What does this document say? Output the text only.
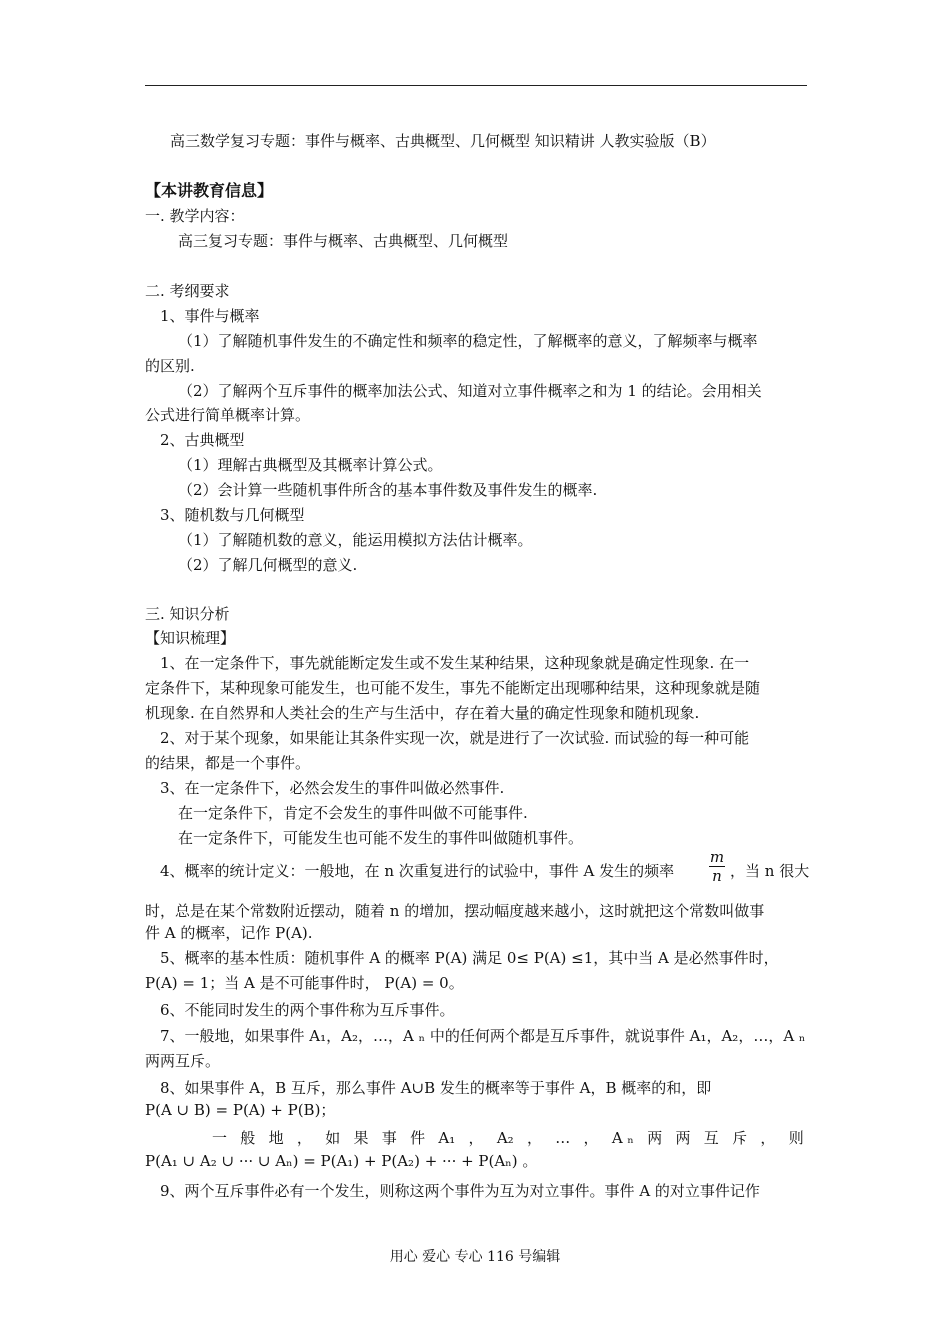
高三数学复习专题：事件与概率、古典概型、几何概型 知识精讲 人教实验版（B）
【本讲教育信息】
一. 教学内容：
高三复习专题：事件与概率、古典概型、几何概型
二. 考纲要求
1、事件与概率
（1）了解随机事件发生的不确定性和频率的稳定性，了解概率的意义，了解频率与概率
的区别.
（2）了解两个互斥事件的概率加法公式、知道对立事件概率之和为 1 的结论。会用相关
公式进行简单概率计算。
2、古典概型
（1）理解古典概型及其概率计算公式。
（2）会计算一些随机事件所含的基本事件数及事件发生的概率.
3、随机数与几何概型
（1）了解随机数的意义，能运用模拟方法估计概率。
（2）了解几何概型的意义.
三. 知识分析
【知识梳理】
1、在一定条件下，事先就能断定发生或不发生某种结果，这种现象就是确定性现象. 在一
定条件下，某种现象可能发生，也可能不发生，事先不能断定出现哪种结果，这种现象就是随
机现象. 在自然界和人类社会的生产与生活中，存在着大量的确定性现象和随机现象.
2、对于某个现象，如果能让其条件实现一次，就是进行了一次试验. 而试验的每一种可能
的结果，都是一个事件。
3、在一定条件下，必然会发生的事件叫做必然事件.
在一定条件下，肯定不会发生的事件叫做不可能事件.
在一定条件下，可能发生也可能不发生的事件叫做随机事件。
4、概率的统计定义：一般地，在 n 次重复进行的试验中，事件 A 发生的频率
m
n ，当 n 很大
时，总是在某个常数附近摆动，随着 n 的增加，摆动幅度越来越小，这时就把这个常数叫做事
件 A 的概率，记作 P(A).
5、概率的基本性质：随机事件 A 的概率 P(A) 满足 0≤ P(A) ≤1，其中当 A 是必然事件时，
P(A) = 1；当 A 是不可能事件时， P(A) = 0。
6、不能同时发生的两个事件称为互斥事件。
7、一般地，如果事件 A₁，A₂，…，A ₙ 中的任何两个都是互斥事件，就说事件 A₁，A₂，…，A ₙ
两两互斥。
8、如果事件 A，B 互斥，那么事件 A∪B 发生的概率等于事件 A，B 概率的和，即
P(A ∪ B) = P(A) + P(B)；
一 般 地 ， 如 果 事 件 A₁ ， A₂ ， … ， A ₙ 两 两 互 斥 ， 则
P(A₁ ∪ A₂ ∪ ··· ∪ Aₙ) = P(A₁) + P(A₂) + ··· + P(Aₙ) 。
9、两个互斥事件必有一个发生，则称这两个事件为互为对立事件。事件 A 的对立事件记作
用心 爱心 专心 116 号编辑
